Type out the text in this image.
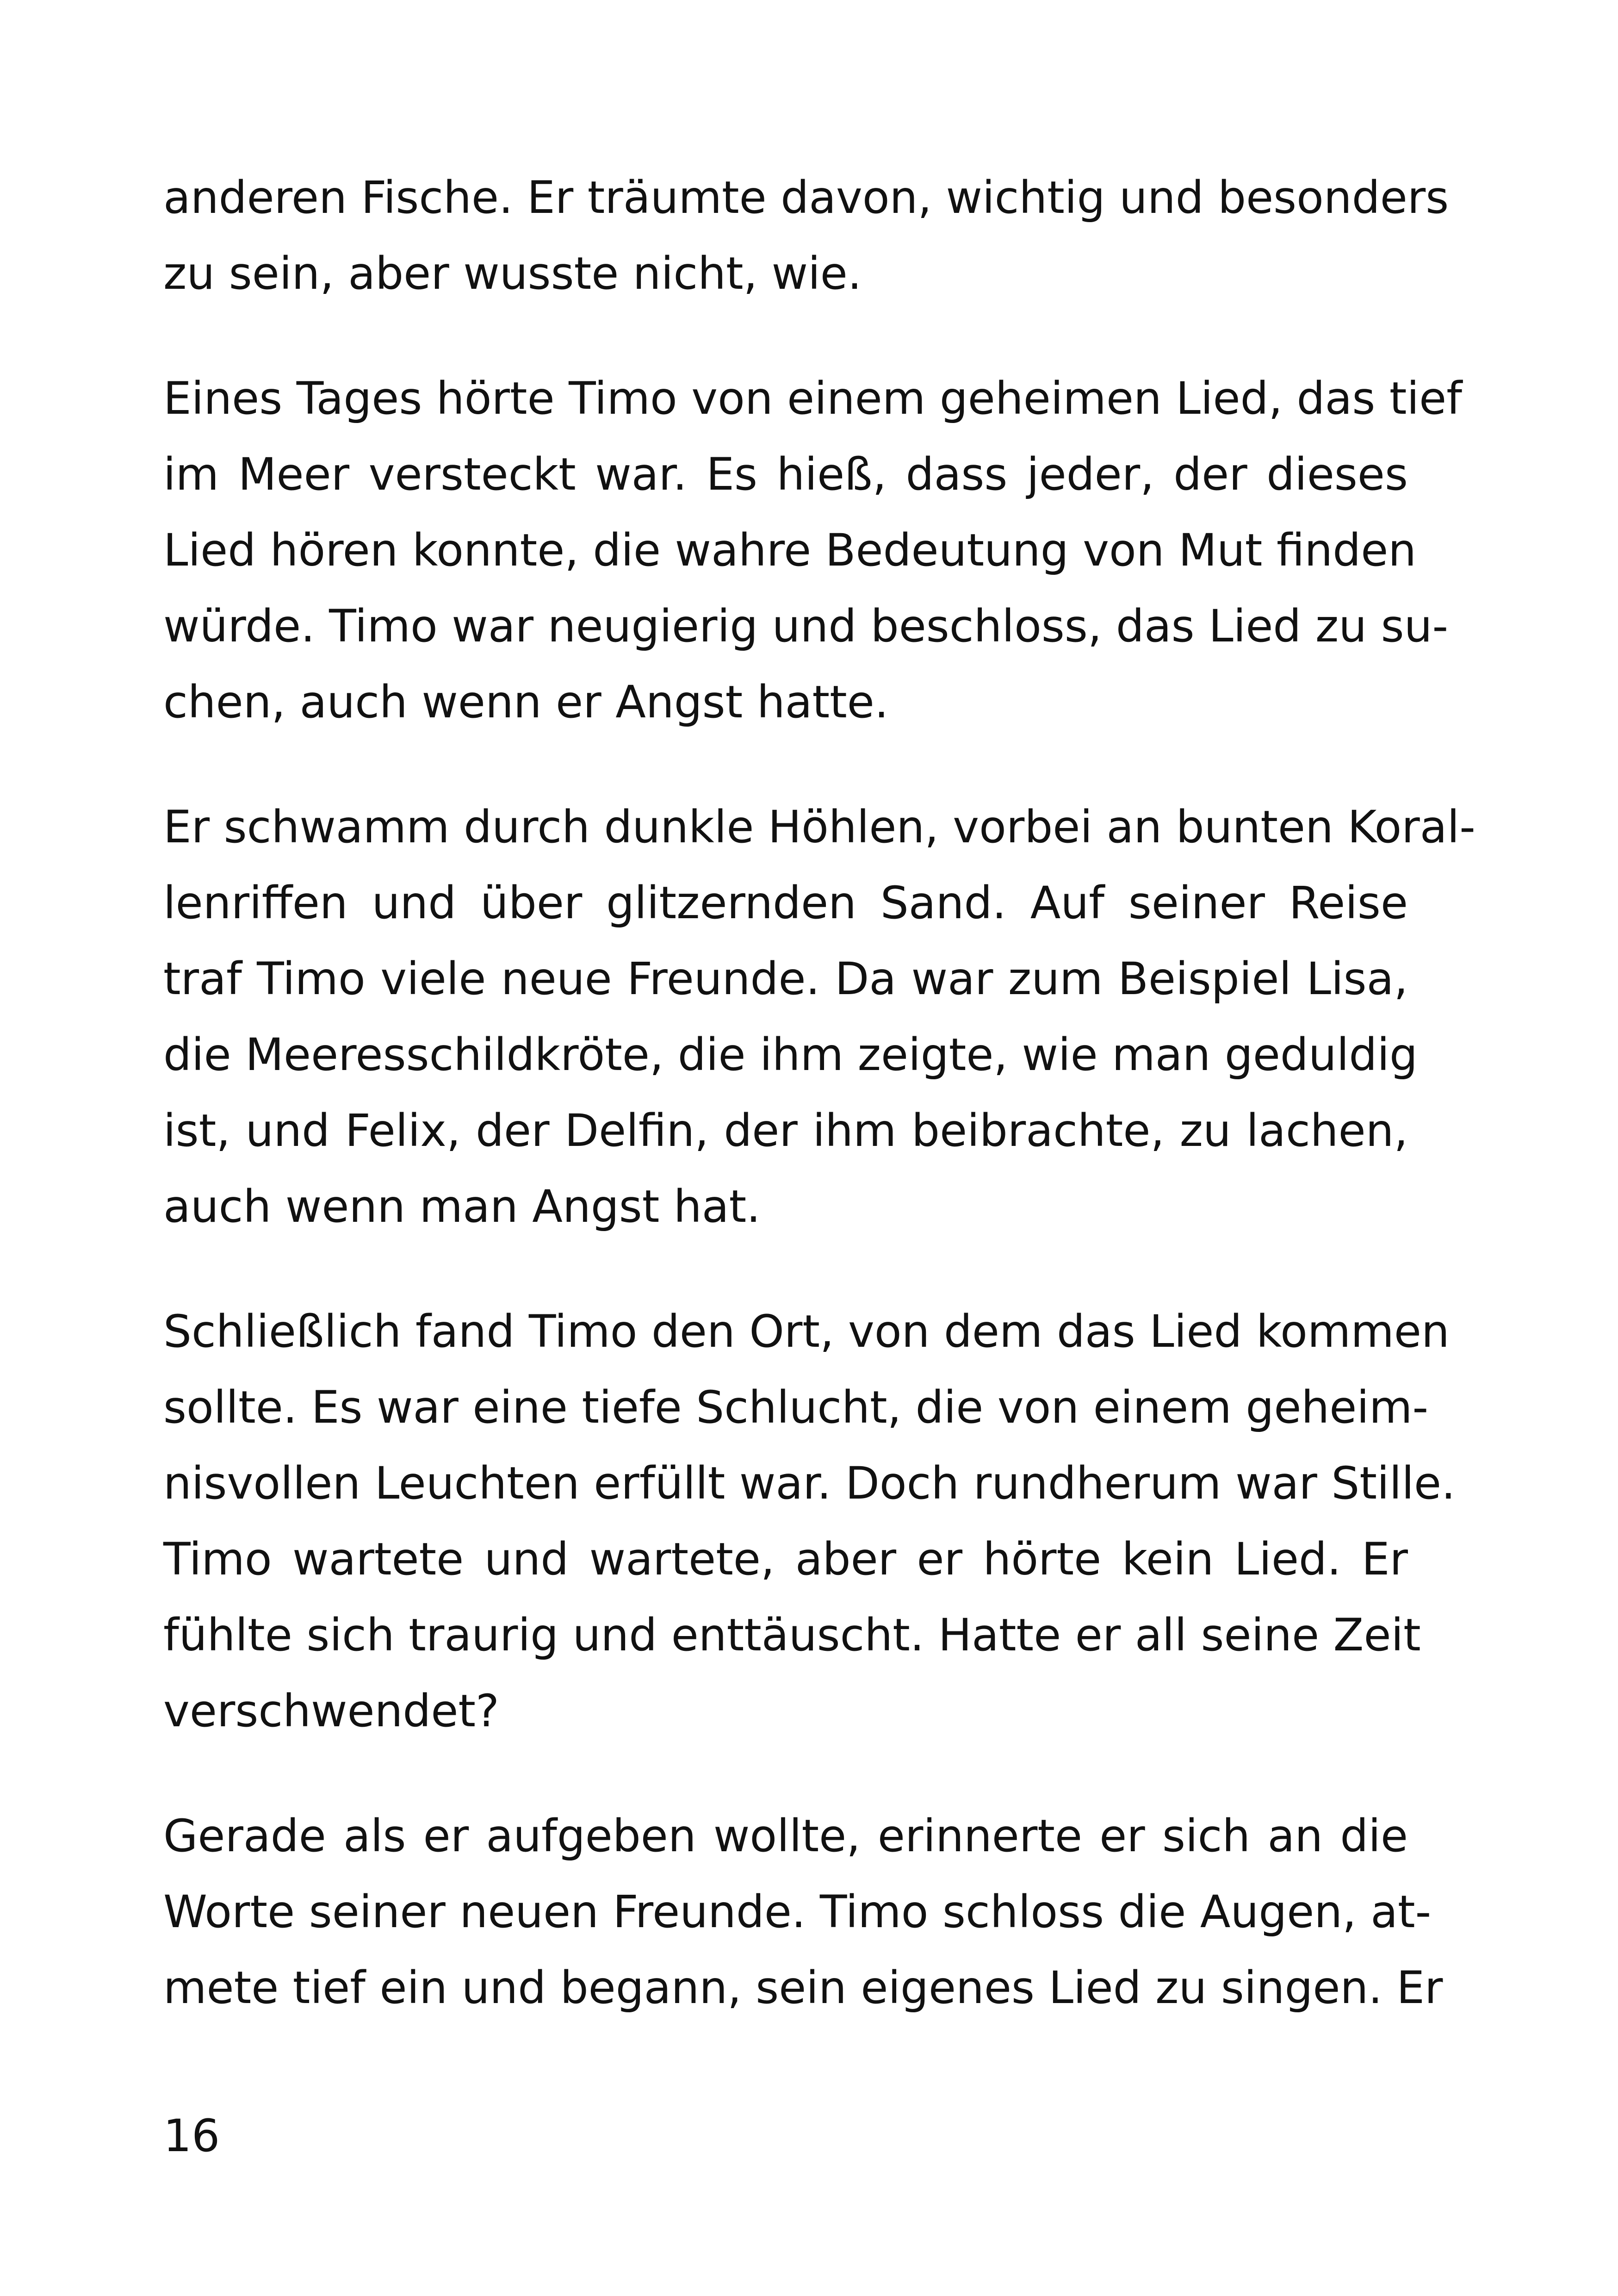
anderen Fische. Er träumte davon, wichtig und besonders
zu sein, aber wusste nicht, wie.

Eines Tages hörte Timo von einem geheimen Lied, das tief
im Meer versteckt war. Es hieß, dass jeder, der dieses
Lied hören konnte, die wahre Bedeutung von Mut finden
würde. Timo war neugierig und beschloss, das Lied zu su-
chen, auch wenn er Angst hatte.

Er schwamm durch dunkle Höhlen, vorbei an bunten Koral-
lenriffen und über glitzernden Sand. Auf seiner Reise
traf Timo viele neue Freunde. Da war zum Beispiel Lisa,
die Meeresschildkröte, die ihm zeigte, wie man geduldig
ist, und Felix, der Delfin, der ihm beibrachte, zu lachen,
auch wenn man Angst hat.

Schließlich fand Timo den Ort, von dem das Lied kommen
sollte. Es war eine tiefe Schlucht, die von einem geheim-
nisvollen Leuchten erfüllt war. Doch rundherum war Stille.
Timo wartete und wartete, aber er hörte kein Lied. Er
fühlte sich traurig und enttäuscht. Hatte er all seine Zeit
verschwendet?

Gerade als er aufgeben wollte, erinnerte er sich an die
Worte seiner neuen Freunde. Timo schloss die Augen, at-
mete tief ein und begann, sein eigenes Lied zu singen. Er

16
